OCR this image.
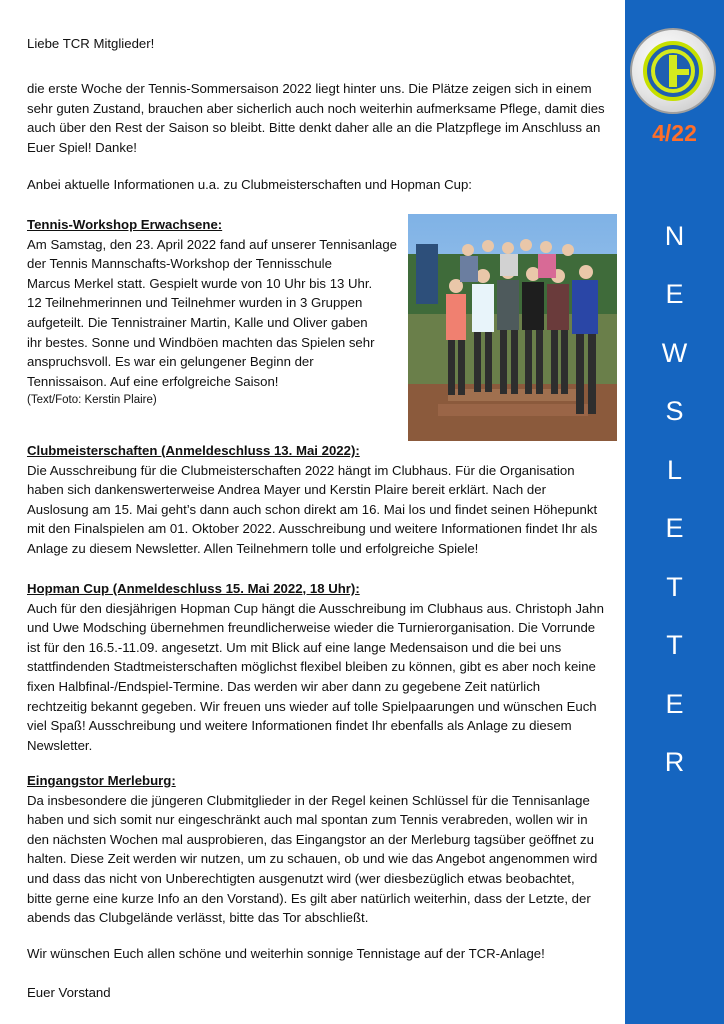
Liebe TCR Mitglieder!
die erste Woche der Tennis-Sommersaison 2022 liegt hinter uns. Die Plätze zeigen sich in einem
sehr guten Zustand, brauchen aber sicherlich auch noch weiterhin aufmerksame Pflege, damit dies
auch über den Rest der Saison so bleibt. Bitte denkt daher alle an die Platzpflege im Anschluss an
Euer Spiel! Danke!
Anbei aktuelle Informationen u.a. zu Clubmeisterschaften und Hopman Cup:
Tennis-Workshop Erwachsene:
Am Samstag, den 23. April 2022 fand auf unserer Tennisanlage
der Tennis Mannschafts-Workshop der Tennisschule
Marcus Merkel statt. Gespielt wurde von 10 Uhr bis 13 Uhr.
12 Teilnehmerinnen und Teilnehmer wurden in 3 Gruppen
aufgeteilt. Die Tennistrainer Martin, Kalle und Oliver gaben
ihr bestes. Sonne und Windböen machten das Spielen sehr
anspruchsvoll. Es war ein gelungener Beginn der
Tennissaison. Auf eine erfolgreiche Saison!
(Text/Foto: Kerstin Plaire)
Clubmeisterschaften (Anmeldeschluss 13. Mai 2022):
Die Ausschreibung für die Clubmeisterschaften 2022 hängt im Clubhaus. Für die Organisation
haben sich dankenswerterweise Andrea Mayer und Kerstin Plaire bereit erklärt. Nach der
Auslosung am 15. Mai geht’s dann auch schon direkt am 16. Mai los und findet seinen Höhepunkt
mit den Finalspielen am 01. Oktober 2022. Ausschreibung und weitere Informationen findet Ihr als
Anlage zu diesem Newsletter. Allen Teilnehmern tolle und erfolgreiche Spiele!
Hopman Cup (Anmeldeschluss 15. Mai 2022, 18 Uhr):
Auch für den diesjährigen Hopman Cup hängt die Ausschreibung im Clubhaus aus. Christoph Jahn
und Uwe Modsching übernehmen freundlicherweise wieder die Turnierorganisation. Die Vorrunde
ist für den 16.5.-11.09. angesetzt. Um mit Blick auf eine lange Medensaison und die bei uns
stattfindenden Stadtmeisterschaften möglichst flexibel bleiben zu können, gibt es aber noch keine
fixen Halbfinal-/Endspiel-Termine. Das werden wir aber dann zu gegebene Zeit natürlich
rechtzeitig bekannt gegeben. Wir freuen uns wieder auf tolle Spielpaarungen und wünschen Euch
viel Spaß! Ausschreibung und weitere Informationen findet Ihr ebenfalls als Anlage zu diesem
Newsletter.
Eingangstor Merleburg:
Da insbesondere die jüngeren Clubmitglieder in der Regel keinen Schlüssel für die Tennisanlage
haben und sich somit nur eingeschränkt auch mal spontan zum Tennis verabreden, wollen wir in
den nächsten Wochen mal ausprobieren, das Eingangstor an der Merleburg tagsüber geöffnet zu
halten. Diese Zeit werden wir nutzen, um zu schauen, ob und wie das Angebot angenommen wird
und dass das nicht von Unberechtigten ausgenutzt wird (wer diesbezüglich etwas beobachtet,
bitte gerne eine kurze Info an den Vorstand). Es gilt aber natürlich weiterhin, dass der Letzte, der
abends das Clubgelände verlässt, bitte das Tor abschließt.
Wir wünschen Euch allen schöne und weiterhin sonnige Tennistage auf der TCR-Anlage!
Euer Vorstand
4/22
N
E
W
S
L
E
T
T
E
R
